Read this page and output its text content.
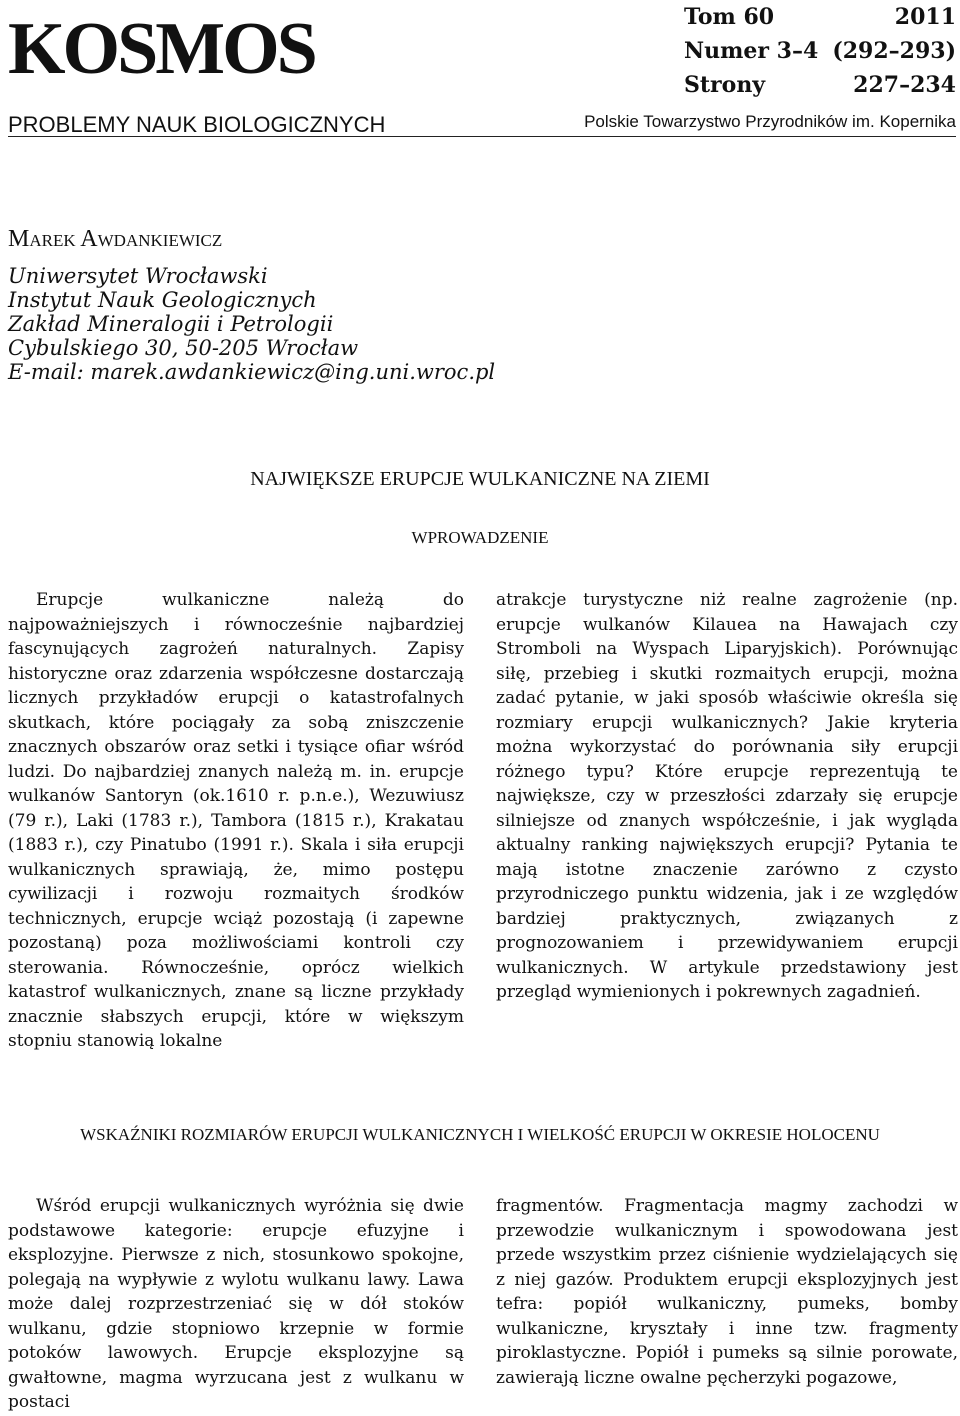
KOSMOS
PROBLEMY NAUK BIOLOGICZNYCH
Tom 60	2011
Numer 3–4 (292–293)
Strony	227–234
Polskie Towarzystwo Przyrodników im. Kopernika
Marek Awdankiewicz
Uniwersytet Wrocławski
Instytut Nauk Geologicznych
Zakład Mineralogii i Petrologii
Cybulskiego 30, 50-205 Wrocław
E-mail: marek.awdankiewicz@ing.uni.wroc.pl
NAJWIĘKSZE ERUPCJE WULKANICZNE NA ZIEMI
WPROWADZENIE
Erupcje wulkaniczne należą do najpoważniejszych i równocześnie najbardziej fascynujących zagrożeń naturalnych. Zapisy historyczne oraz zdarzenia współczesne dostarczają licznych przykładów erupcji o katastrofalnych skutkach, które pociągały za sobą zniszczenie znacznych obszarów oraz setki i tysiące ofiar wśród ludzi. Do najbardziej znanych należą m. in. erupcje wulkanów Santoryn (ok.1610 r. p.n.e.), Wezuwiusz (79 r.), Laki (1783 r.), Tambora (1815 r.), Krakatau (1883 r.), czy Pinatubo (1991 r.). Skala i siła erupcji wulkanicznych sprawiają, że, mimo postępu cywilizacji i rozwoju rozmaitych środków technicznych, erupcje wciąż pozostają (i zapewne pozostaną) poza możliwościami kontroli czy sterowania. Równocześnie, oprócz wielkich katastrof wulkanicznych, znane są liczne przykłady znacznie słabszych erupcji, które w większym stopniu stanowią lokalne
atrakcje turystyczne niż realne zagrożenie (np. erupcje wulkanów Kilauea na Hawajach czy Stromboli na Wyspach Liparyjskich). Porównując siłę, przebieg i skutki rozmaitych erupcji, można zadać pytanie, w jaki sposób właściwie określa się rozmiary erupcji wulkanicznych? Jakie kryteria można wykorzystać do porównania siły erupcji różnego typu? Które erupcje reprezentują te największe, czy w przeszłości zdarzały się erupcje silniejsze od znanych współcześnie, i jak wygląda aktualny ranking największych erupcji? Pytania te mają istotne znaczenie zarówno z czysto przyrodniczego punktu widzenia, jak i ze względów bardziej praktycznych, związanych z prognozowaniem i przewidywaniem erupcji wulkanicznych. W artykule przedstawiony jest przegląd wymienionych i pokrewnych zagadnień.
WSKAŹNIKI ROZMIARÓW ERUPCJI WULKANICZNYCH I WIELKOŚĆ ERUPCJI W OKRESIE HOLOCENU
Wśród erupcji wulkanicznych wyróżnia się dwie podstawowe kategorie: erupcje efuzyjne i eksplozyjne. Pierwsze z nich, stosunkowo spokojne, polegają na wypływie z wylotu wulkanu lawy. Lawa może dalej rozprzestrzeniać się w dół stoków wulkanu, gdzie stopniowo krzepnie w formie potoków lawowych. Erupcje eksplozyjne są gwałtowne, magma wyrzucana jest z wulkanu w postaci
fragmentów. Fragmentacja magmy zachodzi w przewodzie wulkanicznym i spowodowana jest przede wszystkim przez ciśnienie wydzielających się z niej gazów. Produktem erupcji eksplozyjnych jest tefra: popiół wulkaniczny, pumeks, bomby wulkaniczne, kryształy i inne tzw. fragmenty piroklastyczne. Popiół i pumeks są silnie porowate, zawierają liczne owalne pęcherzyki pogazowe,
